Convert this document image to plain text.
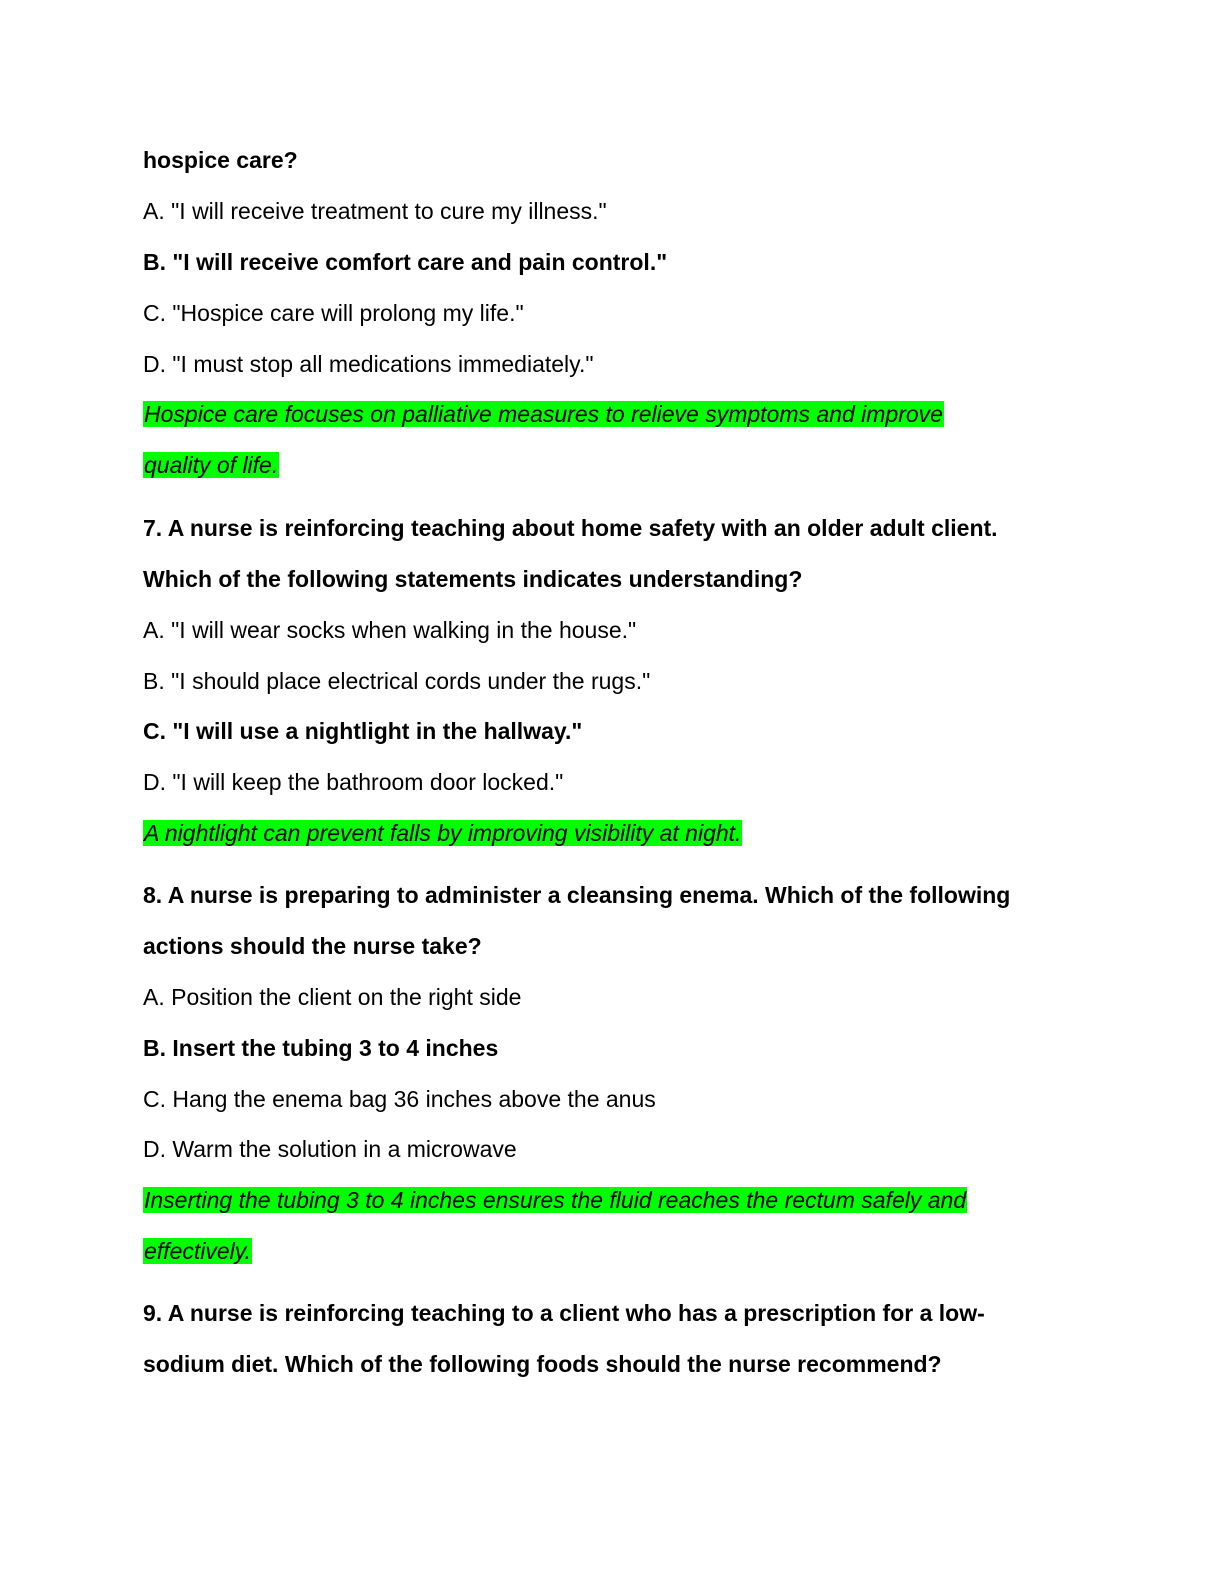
hospice care?
A. "I will receive treatment to cure my illness."
B. "I will receive comfort care and pain control."
C. "Hospice care will prolong my life."
D. "I must stop all medications immediately."
Hospice care focuses on palliative measures to relieve symptoms and improve
quality of life.
7. A nurse is reinforcing teaching about home safety with an older adult client.
Which of the following statements indicates understanding?
A. "I will wear socks when walking in the house."
B. "I should place electrical cords under the rugs."
C. "I will use a nightlight in the hallway."
D. "I will keep the bathroom door locked."
A nightlight can prevent falls by improving visibility at night.
8. A nurse is preparing to administer a cleansing enema. Which of the following
actions should the nurse take?
A. Position the client on the right side
B. Insert the tubing 3 to 4 inches
C. Hang the enema bag 36 inches above the anus
D. Warm the solution in a microwave
Inserting the tubing 3 to 4 inches ensures the fluid reaches the rectum safely and
effectively.
9. A nurse is reinforcing teaching to a client who has a prescription for a low-
sodium diet. Which of the following foods should the nurse recommend?
